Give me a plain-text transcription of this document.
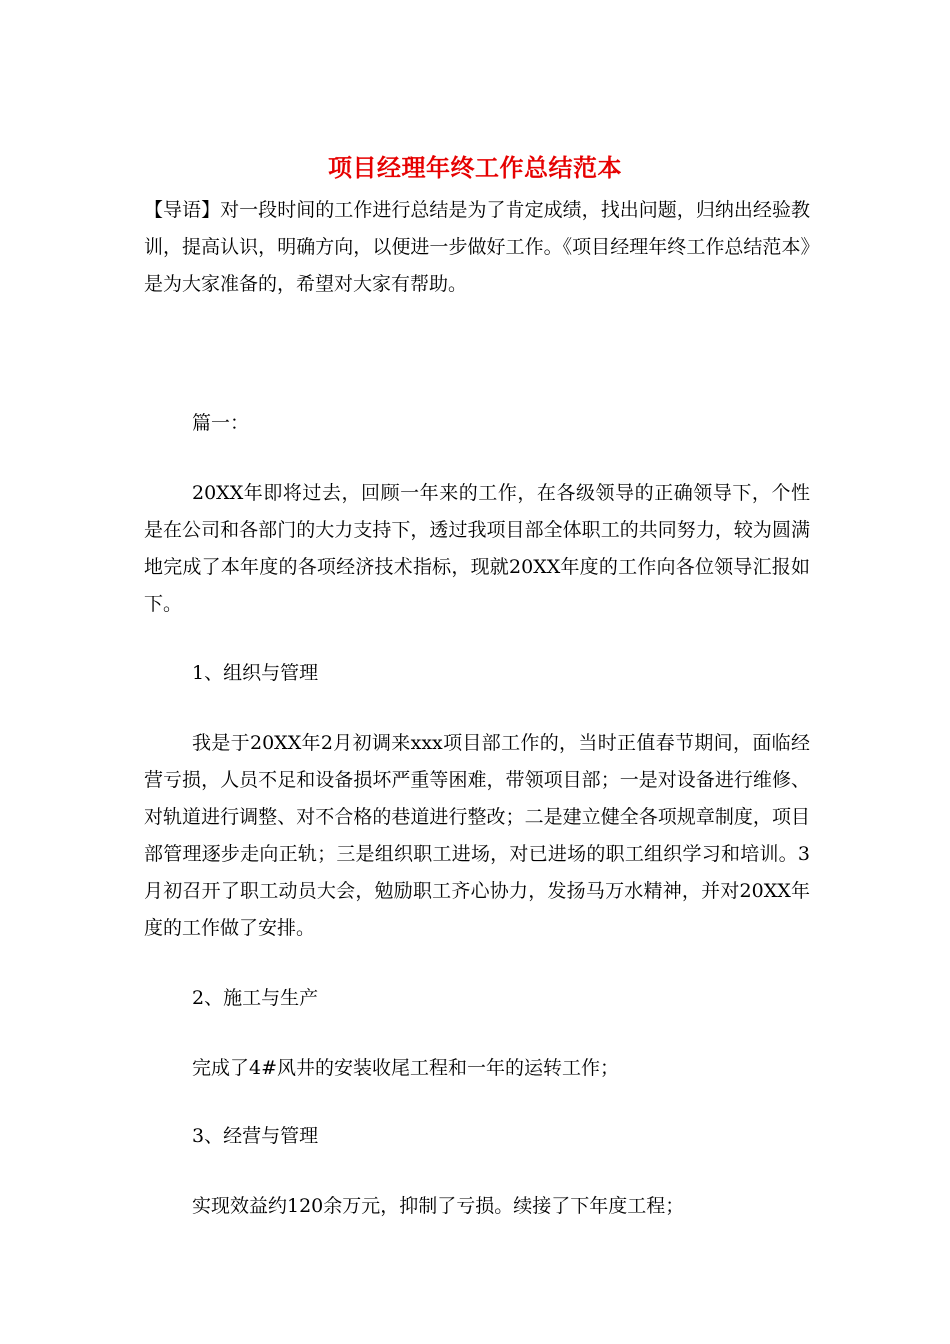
项目经理年终工作总结范本
【导语】对一段时间的工作进行总结是为了肯定成绩，找出问题，归纳出经验教训，提高认识，明确方向，以便进一步做好工作。《项目经理年终工作总结范本》是为大家准备的，希望对大家有帮助。
篇一：
20XX年即将过去，回顾一年来的工作，在各级领导的正确领导下，个性是在公司和各部门的大力支持下，透过我项目部全体职工的共同努力，较为圆满地完成了本年度的各项经济技术指标，现就20XX年度的工作向各位领导汇报如下。
1、组织与管理
我是于20XX年2月初调来xxx项目部工作的，当时正值春节期间，面临经营亏损，人员不足和设备损坏严重等困难，带领项目部；一是对设备进行维修、对轨道进行调整、对不合格的巷道进行整改；二是建立健全各项规章制度，项目部管理逐步走向正轨；三是组织职工进场，对已进场的职工组织学习和培训。3月初召开了职工动员大会，勉励职工齐心协力，发扬马万水精神，并对20XX年度的工作做了安排。
2、施工与生产
完成了4#风井的安装收尾工程和一年的运转工作；
3、经营与管理
实现效益约120余万元，抑制了亏损。续接了下年度工程；
